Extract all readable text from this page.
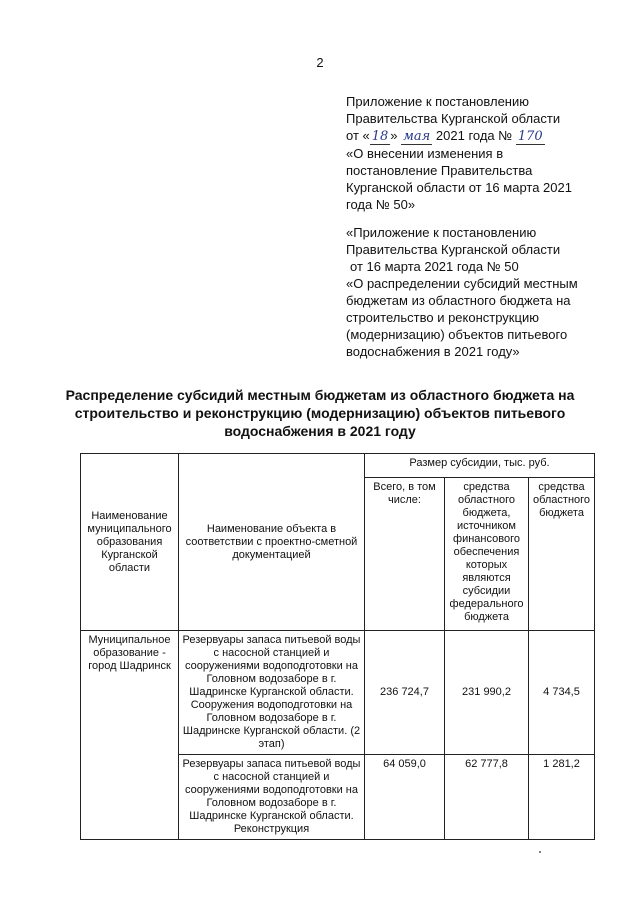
2
Приложение к постановлению
Правительства Курганской области
от « 18 » мая 2021 года № 170
«О внесении изменения в
постановление Правительства
Курганской области от 16 марта 2021
года № 50»
«Приложение к постановлению
Правительства Курганской области
от 16 марта 2021 года № 50
«О распределении субсидий местным
бюджетам из областного бюджета на
строительство и реконструкцию
(модернизацию) объектов питьевого
водоснабжения в 2021 году»
Распределение субсидий местным бюджетам из областного бюджета на
строительство и реконструкцию (модернизацию) объектов питьевого
водоснабжения в 2021 году
Наименование муниципального образования Курганской области	Наименование объекта в соответствии с проектно-сметной документацией	Размер субсидии, тыс. руб.		
		Всего, в том числе:	средства областного бюджета, источником финансового обеспечения которых являются субсидии федерального бюджета	средства областного бюджета
Муниципальное образование - город Шадринск	Резервуары запаса питьевой воды с насосной станцией и сооружениями водоподготовки на Головном водозаборе в г. Шадринске Курганской области. Сооружения водоподготовки на Головном водозаборе в г. Шадринске Курганской области. (2 этап)	236 724,7	231 990,2	4 734,5
	Резервуары запаса питьевой воды с насосной станцией и сооружениями водоподготовки на Головном водозаборе в г. Шадринске Курганской области. Реконструкция	64 059,0	62 777,8	1 281,2
